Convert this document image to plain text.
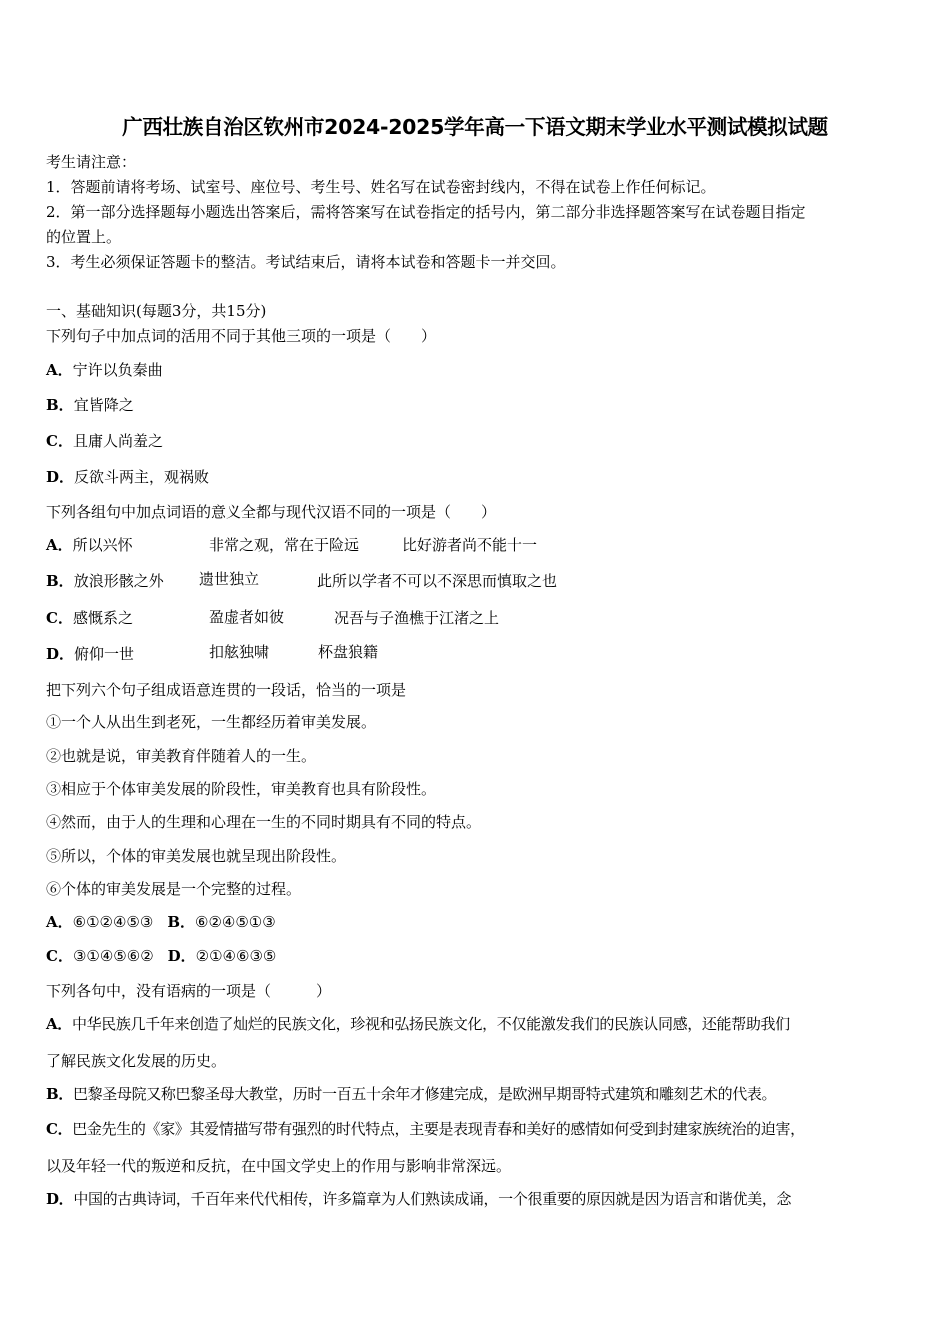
广西壮族自治区钦州市2024-2025学年高一下语文期末学业水平测试模拟试题
考生请注意：
1．答题前请将考场、试室号、座位号、考生号、姓名写在试卷密封线内，不得在试卷上作任何标记。
2．第一部分选择题每小题选出答案后，需将答案写在试卷指定的括号内，第二部分非选择题答案写在试卷题目指定
的位置上。
3．考生必须保证答题卡的整洁。考试结束后，请将本试卷和答题卡一并交回。
一、基础知识(每题3分，共15分)
下列句子中加点词的活用不同于其他三项的一项是（　　）
A．宁许以负秦曲
B．宜皆降之
C．且庸人尚羞之
D．反欲斗两主，观祸败
下列各组句中加点词语的意义全都与现代汉语不同的一项是（　　）
A．所以兴怀	非常之观，常在于险远	比好游者尚不能十一
B．放浪形骸之外 遗世独立	此所以学者不可以不深思而慎取之也
C．感慨系之	盈虚者如彼	况吾与子渔樵于江渚之上
D．俯仰一世	扣舷独啸	杯盘狼籍
把下列六个句子组成语意连贯的一段话，恰当的一项是
①一个人从出生到老死，一生都经历着审美发展。
②也就是说，审美教育伴随着人的一生。
③相应于个体审美发展的阶段性，审美教育也具有阶段性。
④然而，由于人的生理和心理在一生的不同时期具有不同的特点。
⑤所以，个体的审美发展也就呈现出阶段性。
⑥个体的审美发展是一个完整的过程。
A．⑥①②④⑤③ B．⑥②④⑤①③
C．③①④⑤⑥② D．②①④⑥③⑤
下列各句中，没有语病的一项是（　　　）
A．中华民族几千年来创造了灿烂的民族文化，珍视和弘扬民族文化，不仅能激发我们的民族认同感，还能帮助我们
了解民族文化发展的历史。
B．巴黎圣母院又称巴黎圣母大教堂，历时一百五十余年才修建完成，是欧洲早期哥特式建筑和雕刻艺术的代表。
C．巴金先生的《家》其爱情描写带有强烈的时代特点，主要是表现青春和美好的感情如何受到封建家族统治的迫害，
以及年轻一代的叛逆和反抗，在中国文学史上的作用与影响非常深远。
D．中国的古典诗词，千百年来代代相传，许多篇章为人们熟读成诵，一个很重要的原因就是因为语言和谐优美，念
